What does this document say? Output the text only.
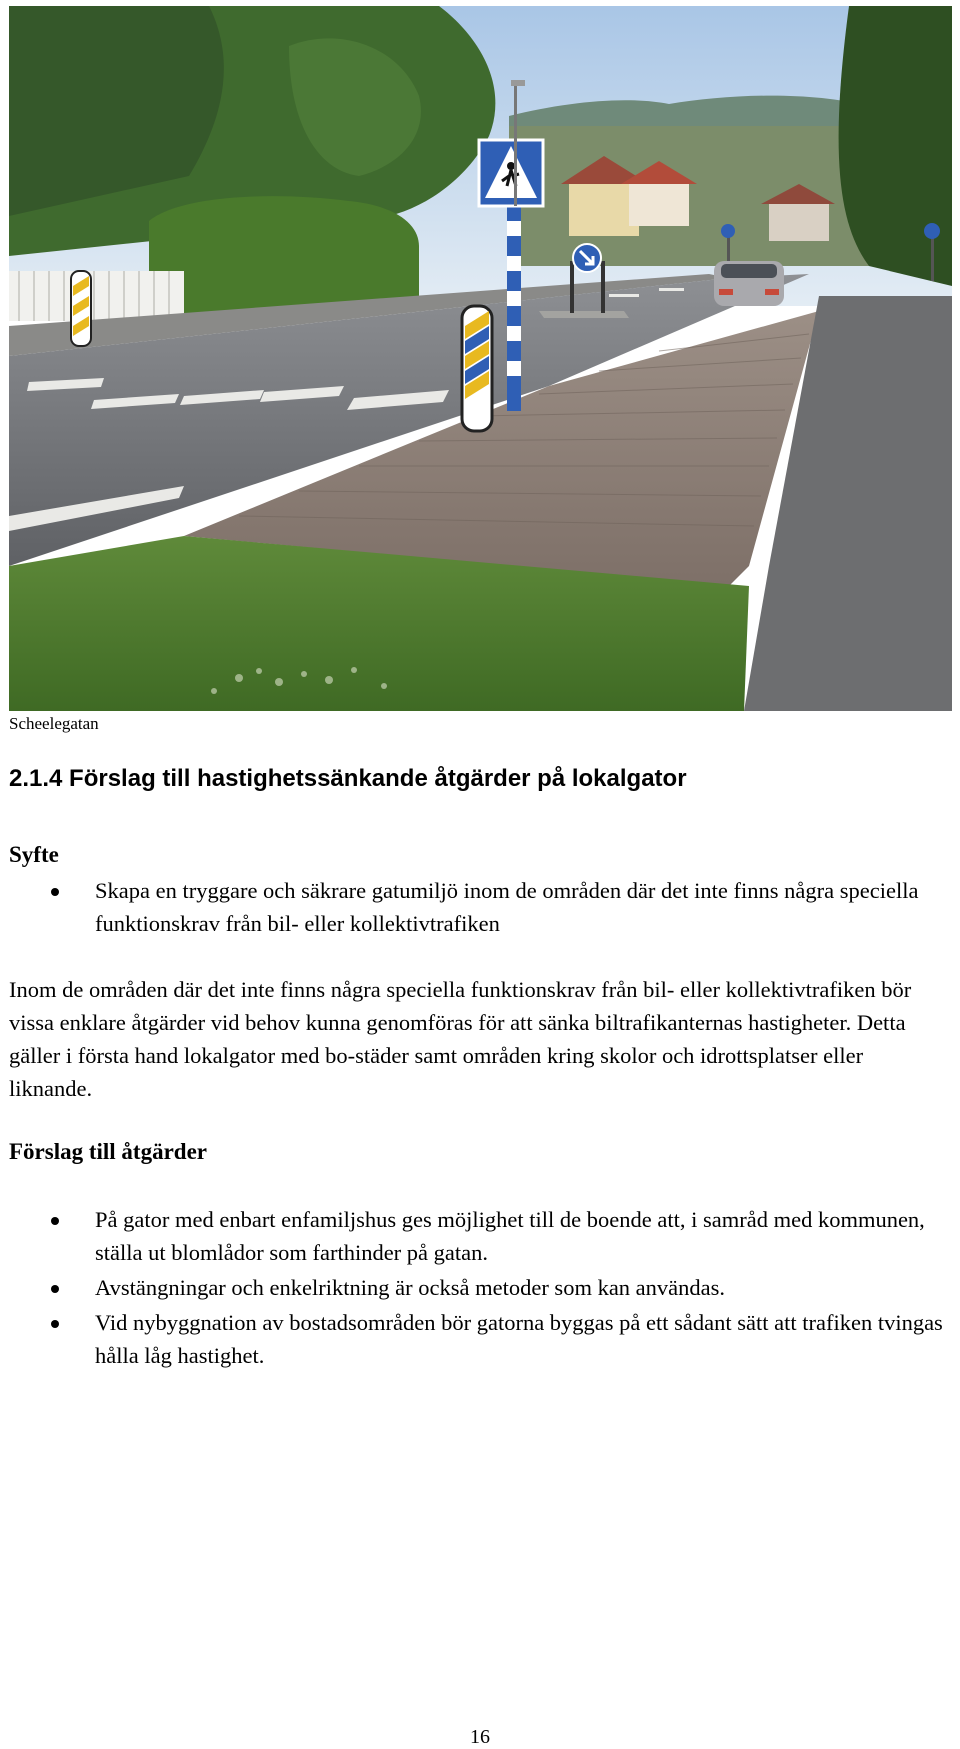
Scheelegatan
2.1.4 Förslag till hastighetssänkande åtgärder på lokalgator
Syfte
Skapa en tryggare och säkrare gatumiljö inom de områden där det inte finns några speciella funktionskrav från bil- eller kollektivtrafiken

Inom de områden där det inte finns några speciella funktionskrav från bil- eller kollektivtrafiken bör vissa enklare åtgärder vid behov kunna genomföras för att sänka biltrafikanternas hastigheter. Detta gäller i första hand lokalgator med bo-städer samt områden kring skolor och idrottsplatser eller liknande.

Förslag till åtgärder
På gator med enbart enfamiljshus ges möjlighet till de boende att, i samråd med kommunen, ställa ut blomlådor som farthinder på gatan.
Avstängningar och enkelriktning är också metoder som kan användas.
Vid nybyggnation av bostadsområden bör gatorna byggas på ett sådant sätt att trafiken tvingas hålla låg hastighet.
16
